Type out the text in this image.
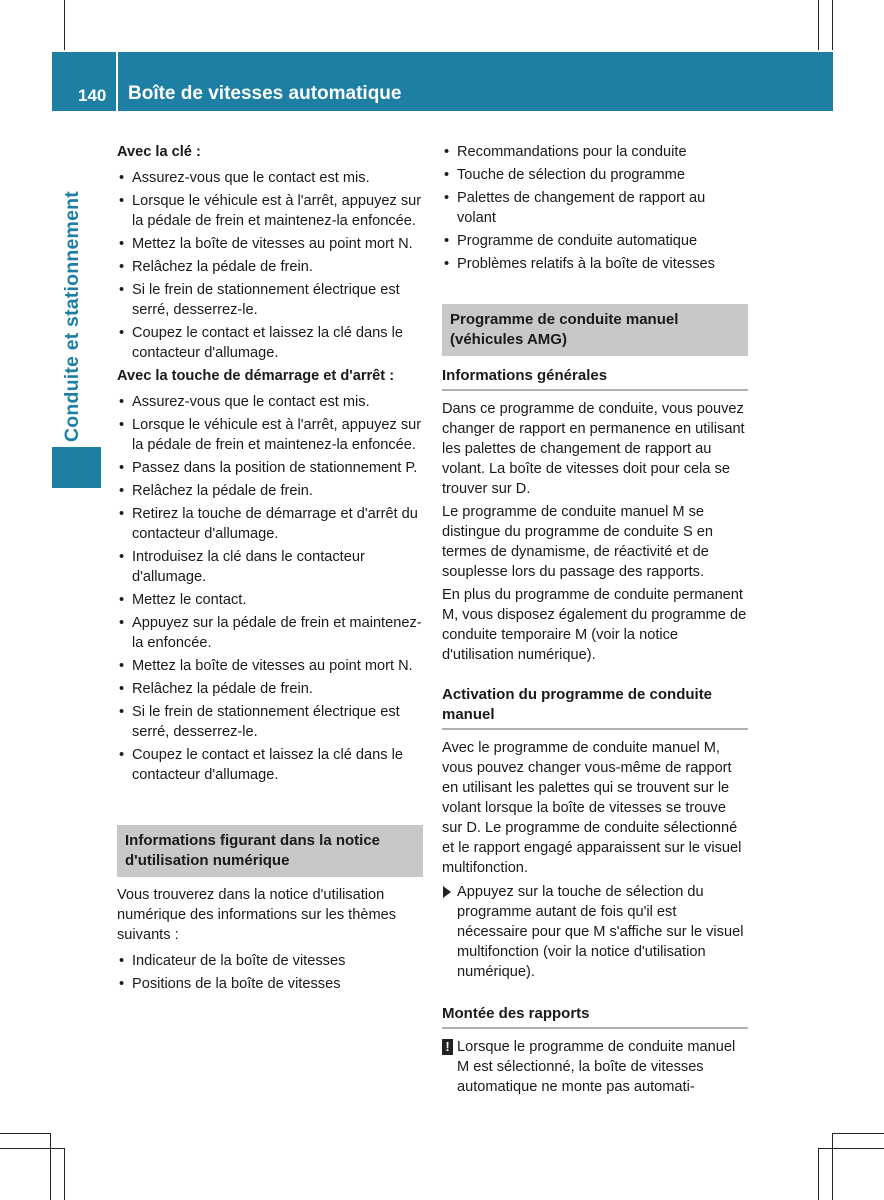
140 Boîte de vitesses automatique
Conduite et stationnement

Avec la clé :

• Assurez-vous que le contact est mis.
• Lorsque le véhicule est à l'arrêt, appuyez sur la pédale de frein et maintenez-la enfoncée.
• Mettez la boîte de vitesses au point mort N.
• Relâchez la pédale de frein.
• Si le frein de stationnement électrique est serré, desserrez-le.
• Coupez le contact et laissez la clé dans le contacteur d'allumage.

Avec la touche de démarrage et d'arrêt :

• Assurez-vous que le contact est mis.
• Lorsque le véhicule est à l'arrêt, appuyez sur la pédale de frein et maintenez-la enfoncée.
• Passez dans la position de stationnement P.
• Relâchez la pédale de frein.
• Retirez la touche de démarrage et d'arrêt du contacteur d'allumage.
• Introduisez la clé dans le contacteur d'allumage.
• Mettez le contact.
• Appuyez sur la pédale de frein et maintenez-la enfoncée.
• Mettez la boîte de vitesses au point mort N.
• Relâchez la pédale de frein.
• Si le frein de stationnement électrique est serré, desserrez-le.
• Coupez le contact et laissez la clé dans le contacteur d'allumage.
Informations figurant dans la notice d'utilisation numérique

Vous trouverez dans la notice d'utilisation numérique des informations sur les thèmes suivants :

• Indicateur de la boîte de vitesses
• Positions de la boîte de vitesses
• Recommandations pour la conduite
• Touche de sélection du programme
• Palettes de changement de rapport au volant
• Programme de conduite automatique
• Problèmes relatifs à la boîte de vitesses
Programme de conduite manuel (véhicules AMG)
Informations générales

Dans ce programme de conduite, vous pouvez changer de rapport en permanence en utilisant les palettes de changement de rapport au volant. La boîte de vitesses doit pour cela se trouver sur D.

Le programme de conduite manuel M se distingue du programme de conduite S en termes de dynamisme, de réactivité et de souplesse lors du passage des rapports.

En plus du programme de conduite permanent M, vous disposez également du programme de conduite temporaire M (voir la notice d'utilisation numérique).

Activation du programme de conduite manuel

Avec le programme de conduite manuel M, vous pouvez changer vous-même de rapport en utilisant les palettes qui se trouvent sur le volant lorsque la boîte de vitesses se trouve sur D. Le programme de conduite sélectionné et le rapport engagé apparaissent sur le visuel multifonction.

Appuyez sur la touche de sélection du programme autant de fois qu'il est nécessaire pour que M s'affiche sur le visuel multifonction (voir la notice d'utilisation numérique).
Montée des rapports
! Lorsque le programme de conduite manuel M est sélectionné, la boîte de vitesses automatique ne monte pas automati-
